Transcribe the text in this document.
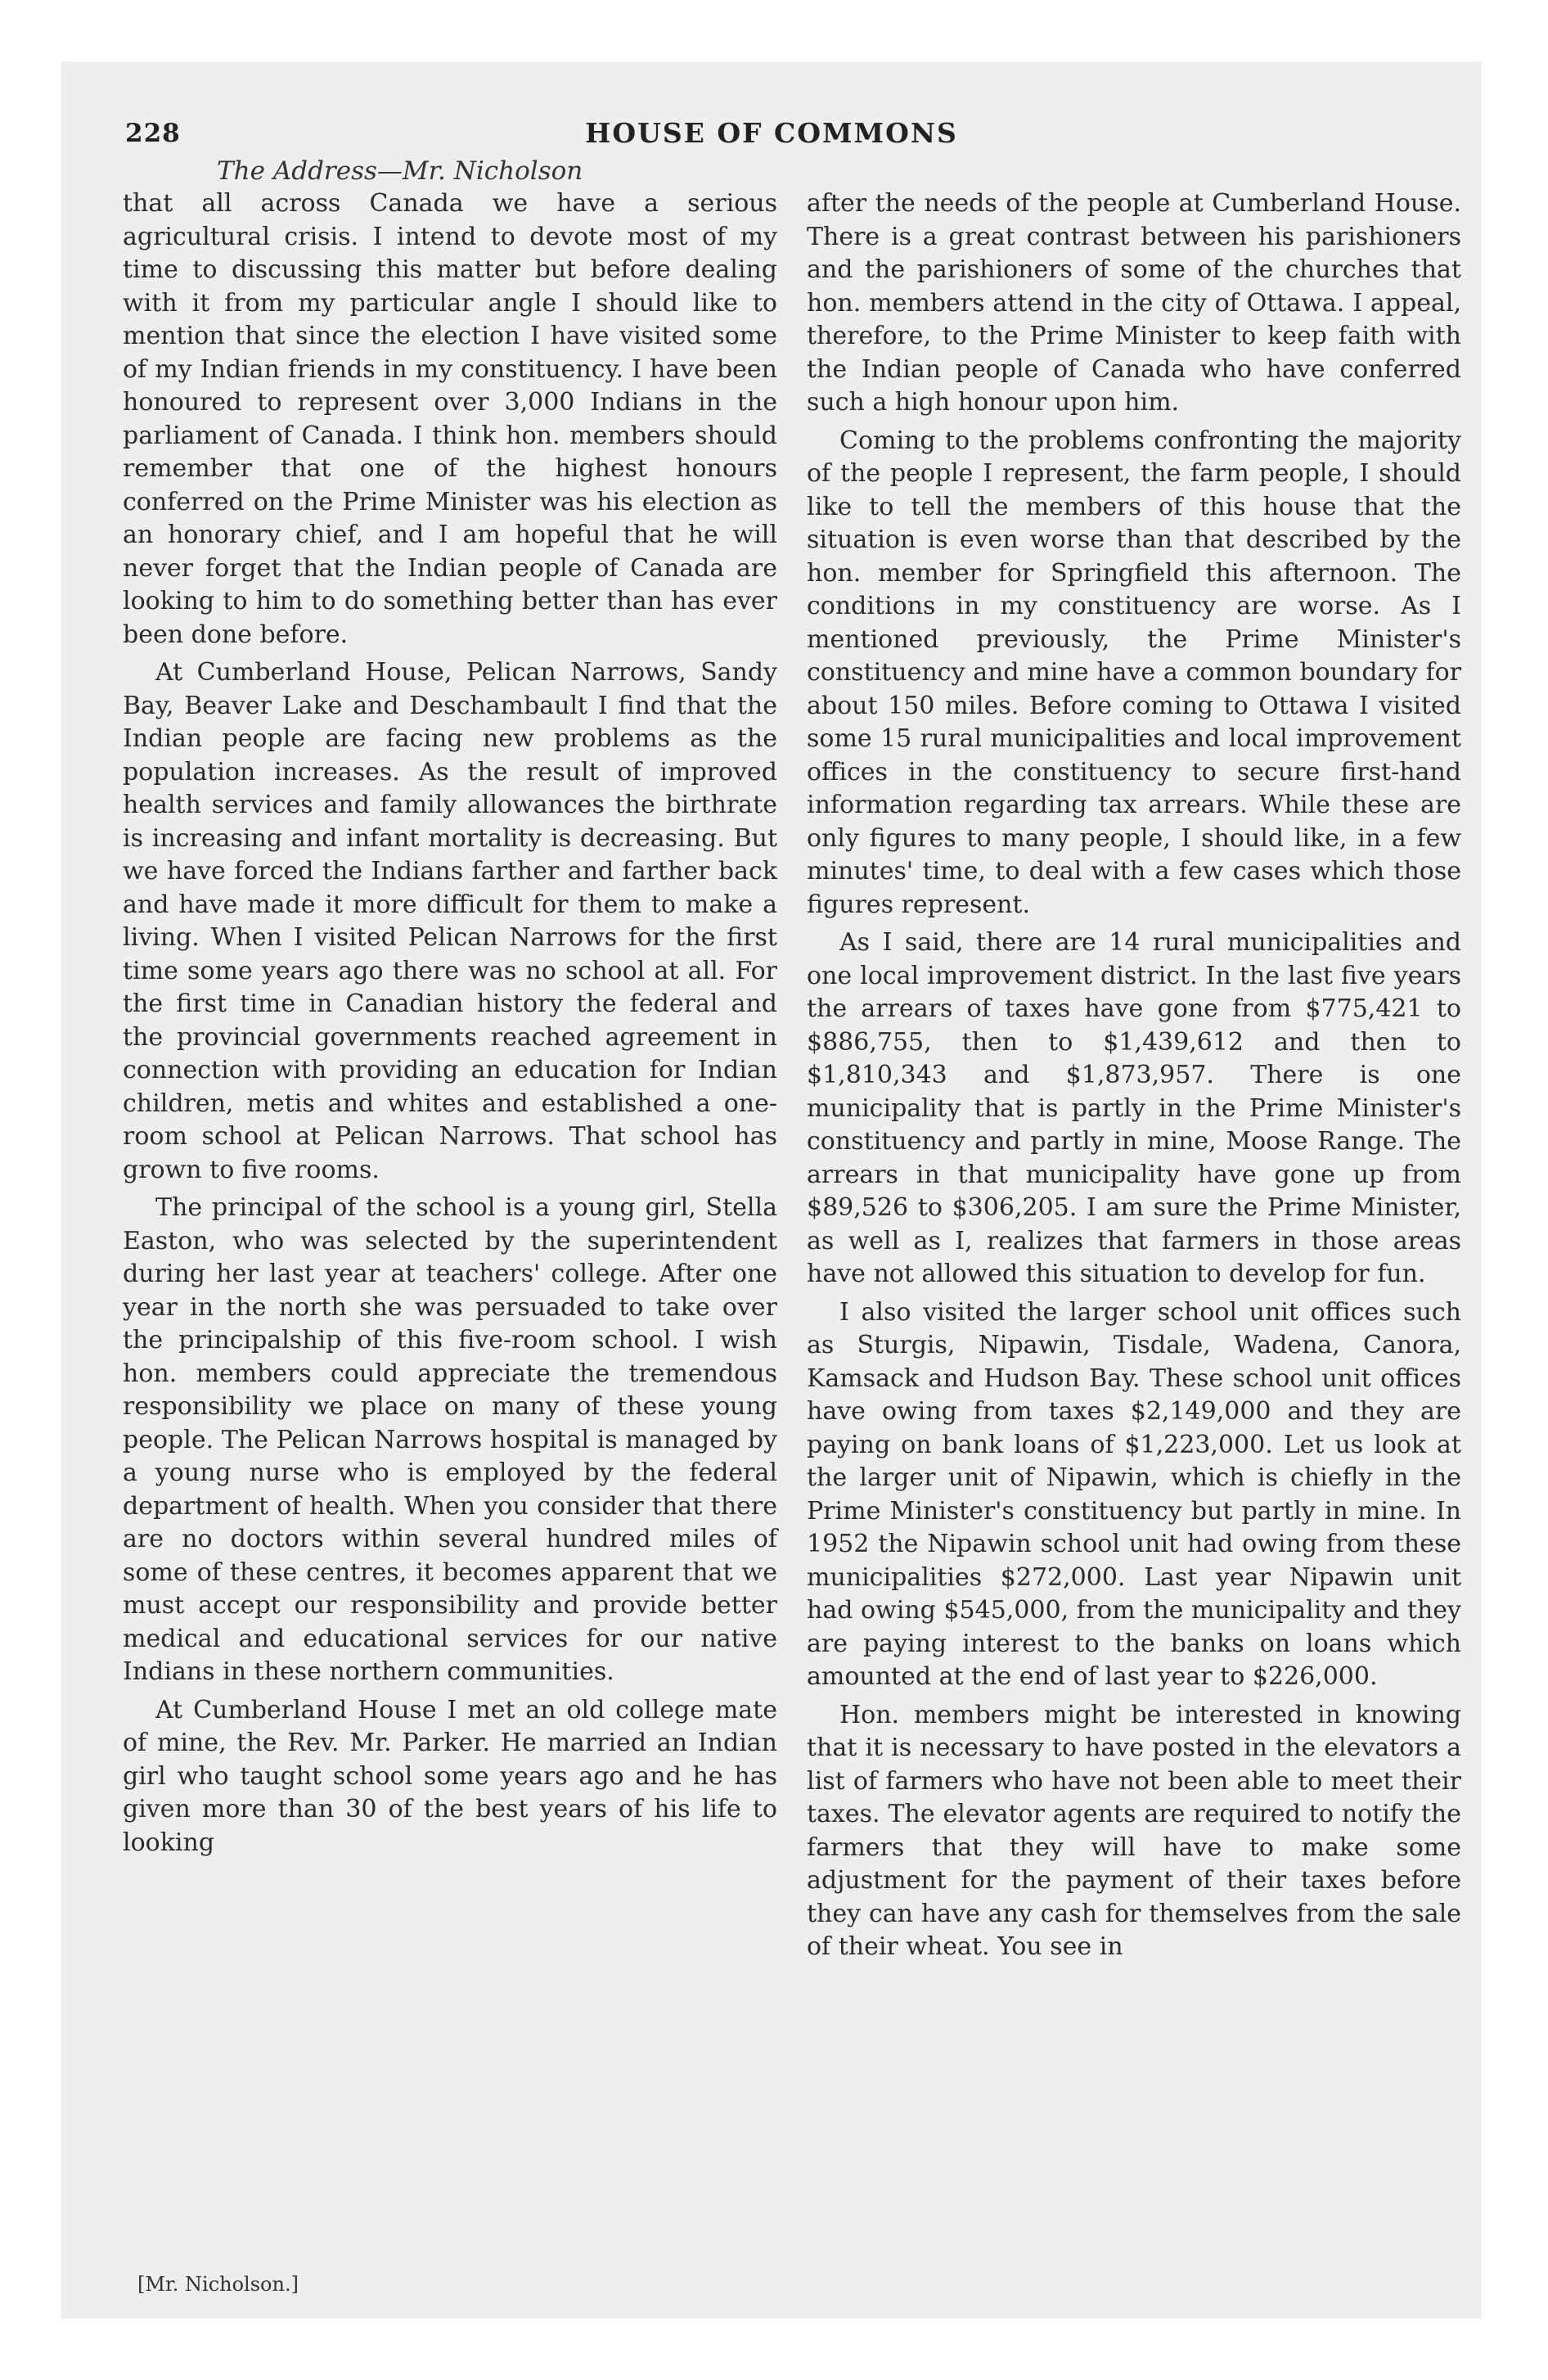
228	HOUSE OF COMMONS
The Address—Mr. Nicholson

that all across Canada we have a serious agricultural crisis. I intend to devote most of my time to discussing this matter but before dealing with it from my particular angle I should like to mention that since the election I have visited some of my Indian friends in my constituency. I have been honoured to represent over 3,000 Indians in the parliament of Canada. I think hon. members should remember that one of the highest honours conferred on the Prime Minister was his election as an honorary chief, and I am hopeful that he will never forget that the Indian people of Canada are looking to him to do something better than has ever been done before.

At Cumberland House, Pelican Narrows, Sandy Bay, Beaver Lake and Deschambault I find that the Indian people are facing new problems as the population increases. As the result of improved health services and family allowances the birthrate is increasing and infant mortality is decreasing. But we have forced the Indians farther and farther back and have made it more difficult for them to make a living. When I visited Pelican Narrows for the first time some years ago there was no school at all. For the first time in Canadian history the federal and the provincial governments reached agreement in connection with providing an education for Indian children, metis and whites and established a one-room school at Pelican Narrows. That school has grown to five rooms.

The principal of the school is a young girl, Stella Easton, who was selected by the superintendent during her last year at teachers' college. After one year in the north she was persuaded to take over the principalship of this five-room school. I wish hon. members could appreciate the tremendous responsibility we place on many of these young people. The Pelican Narrows hospital is managed by a young nurse who is employed by the federal department of health. When you consider that there are no doctors within several hundred miles of some of these centres, it becomes apparent that we must accept our responsibility and provide better medical and educational services for our native Indians in these northern communities.

At Cumberland House I met an old college mate of mine, the Rev. Mr. Parker. He married an Indian girl who taught school some years ago and he has given more than 30 of the best years of his life to looking

after the needs of the people at Cumberland House. There is a great contrast between his parishioners and the parishioners of some of the churches that hon. members attend in the city of Ottawa. I appeal, therefore, to the Prime Minister to keep faith with the Indian people of Canada who have conferred such a high honour upon him.

Coming to the problems confronting the majority of the people I represent, the farm people, I should like to tell the members of this house that the situation is even worse than that described by the hon. member for Springfield this afternoon. The conditions in my constituency are worse. As I mentioned previously, the Prime Minister's constituency and mine have a common boundary for about 150 miles. Before coming to Ottawa I visited some 15 rural municipalities and local improvement offices in the constituency to secure first-hand information regarding tax arrears. While these are only figures to many people, I should like, in a few minutes' time, to deal with a few cases which those figures represent.

As I said, there are 14 rural municipalities and one local improvement district. In the last five years the arrears of taxes have gone from $775,421 to $886,755, then to $1,439,612 and then to $1,810,343 and $1,873,957. There is one municipality that is partly in the Prime Minister's constituency and partly in mine, Moose Range. The arrears in that municipality have gone up from $89,526 to $306,205. I am sure the Prime Minister, as well as I, realizes that farmers in those areas have not allowed this situation to develop for fun.

I also visited the larger school unit offices such as Sturgis, Nipawin, Tisdale, Wadena, Canora, Kamsack and Hudson Bay. These school unit offices have owing from taxes $2,149,000 and they are paying on bank loans of $1,223,000. Let us look at the larger unit of Nipawin, which is chiefly in the Prime Minister's constituency but partly in mine. In 1952 the Nipawin school unit had owing from these municipalities $272,000. Last year Nipawin unit had owing $545,000, from the municipality and they are paying interest to the banks on loans which amounted at the end of last year to $226,000.

Hon. members might be interested in knowing that it is necessary to have posted in the elevators a list of farmers who have not been able to meet their taxes. The elevator agents are required to notify the farmers that they will have to make some adjustment for the payment of their taxes before they can have any cash for themselves from the sale of their wheat. You see in

[Mr. Nicholson.]
